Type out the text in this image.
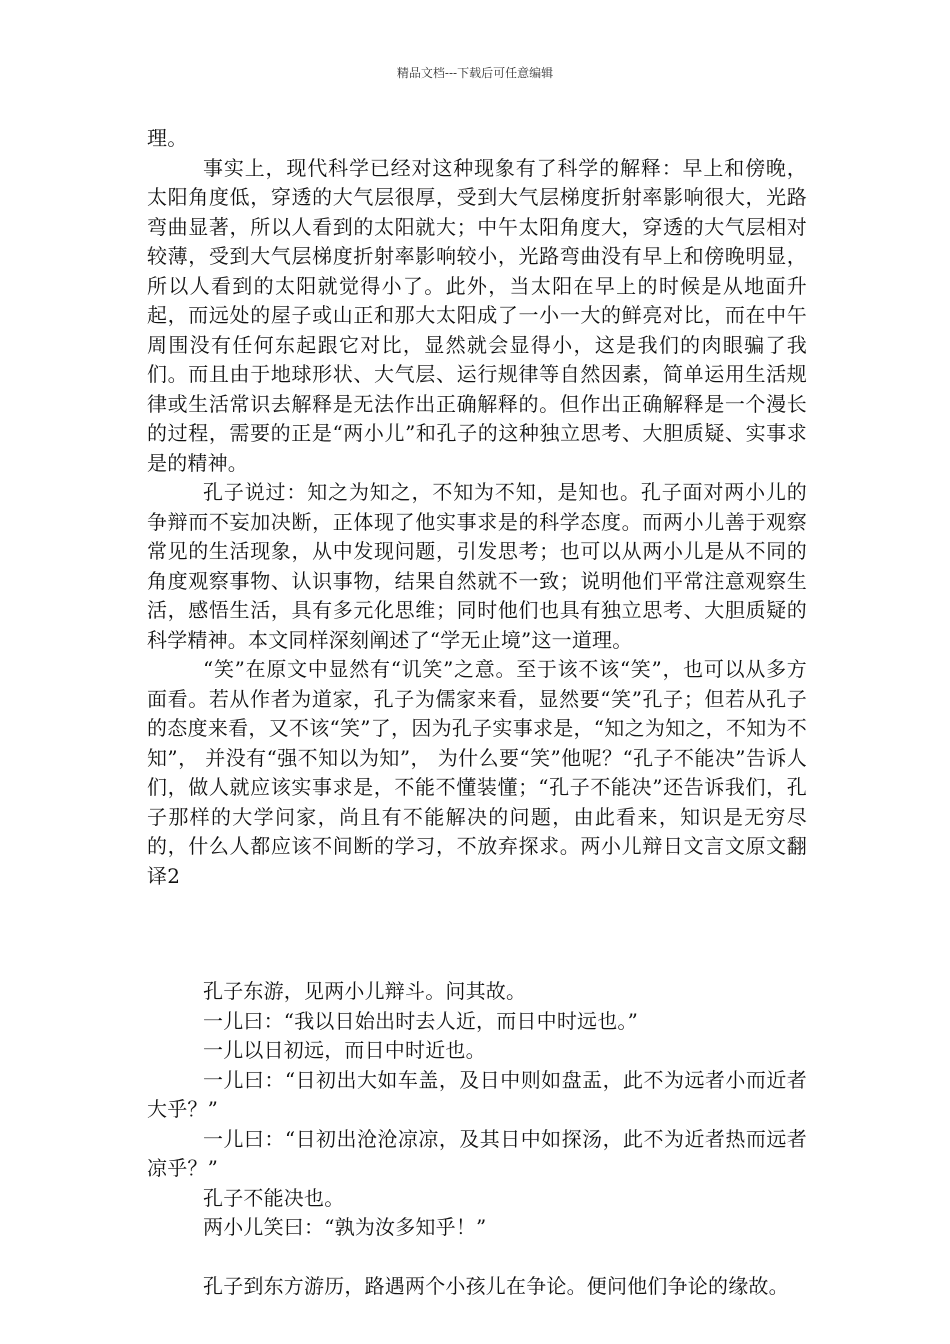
精品文档---下载后可任意编辑

理。

事实上，现代科学已经对这种现象有了科学的解释：早上和傍晚，太阳角度低，穿透的大气层很厚，受到大气层梯度折射率影响很大，光路弯曲显著，所以人看到的太阳就大；中午太阳角度大，穿透的大气层相对较薄，受到大气层梯度折射率影响较小，光路弯曲没有早上和傍晚明显，所以人看到的太阳就觉得小了。此外，当太阳在早上的时候是从地面升起，而远处的屋子或山正和那大太阳成了一小一大的鲜亮对比，而在中午周围没有任何东起跟它对比，显然就会显得小，这是我们的肉眼骗了我们。而且由于地球形状、大气层、运行规律等自然因素，简单运用生活规律或生活常识去解释是无法作出正确解释的。但作出正确解释是一个漫长的过程，需要的正是“两小儿”和孔子的这种独立思考、大胆质疑、实事求是的精神。

孔子说过：知之为知之，不知为不知，是知也。孔子面对两小儿的争辩而不妄加决断，正体现了他实事求是的科学态度。而两小儿善于观察常见的生活现象，从中发现问题，引发思考；也可以从两小儿是从不同的角度观察事物、认识事物，结果自然就不一致；说明他们平常注意观察生活，感悟生活，具有多元化思维；同时他们也具有独立思考、大胆质疑的科学精神。本文同样深刻阐述了“学无止境”这一道理。

“笑”在原文中显然有“讥笑”之意。至于该不该“笑”，也可以从多方面看。若从作者为道家，孔子为儒家来看，显然要“笑”孔子；但若从孔子的态度来看，又不该“笑”了，因为孔子实事求是，“知之为知之，不知为不知”， 并没有“强不知以为知”， 为什么要“笑”他呢？“孔子不能决”告诉人们，做人就应该实事求是，不能不懂装懂；“孔子不能决”还告诉我们，孔子那样的大学问家，尚且有不能解决的问题，由此看来，知识是无穷尽的，什么人都应该不间断的学习，不放弃探求。两小儿辩日文言文原文翻译2

孔子东游，见两小儿辩斗。问其故。

一儿曰：“我以日始出时去人近，而日中时远也。”

一儿以日初远，而日中时近也。

一儿曰：“日初出大如车盖，及日中则如盘盂，此不为远者小而近者大乎？”

一儿曰：“日初出沧沧凉凉，及其日中如探汤，此不为近者热而远者凉乎？”

孔子不能决也。

两小儿笑曰：“孰为汝多知乎！”

孔子到东方游历，路遇两个小孩儿在争论。便问他们争论的缘故。
